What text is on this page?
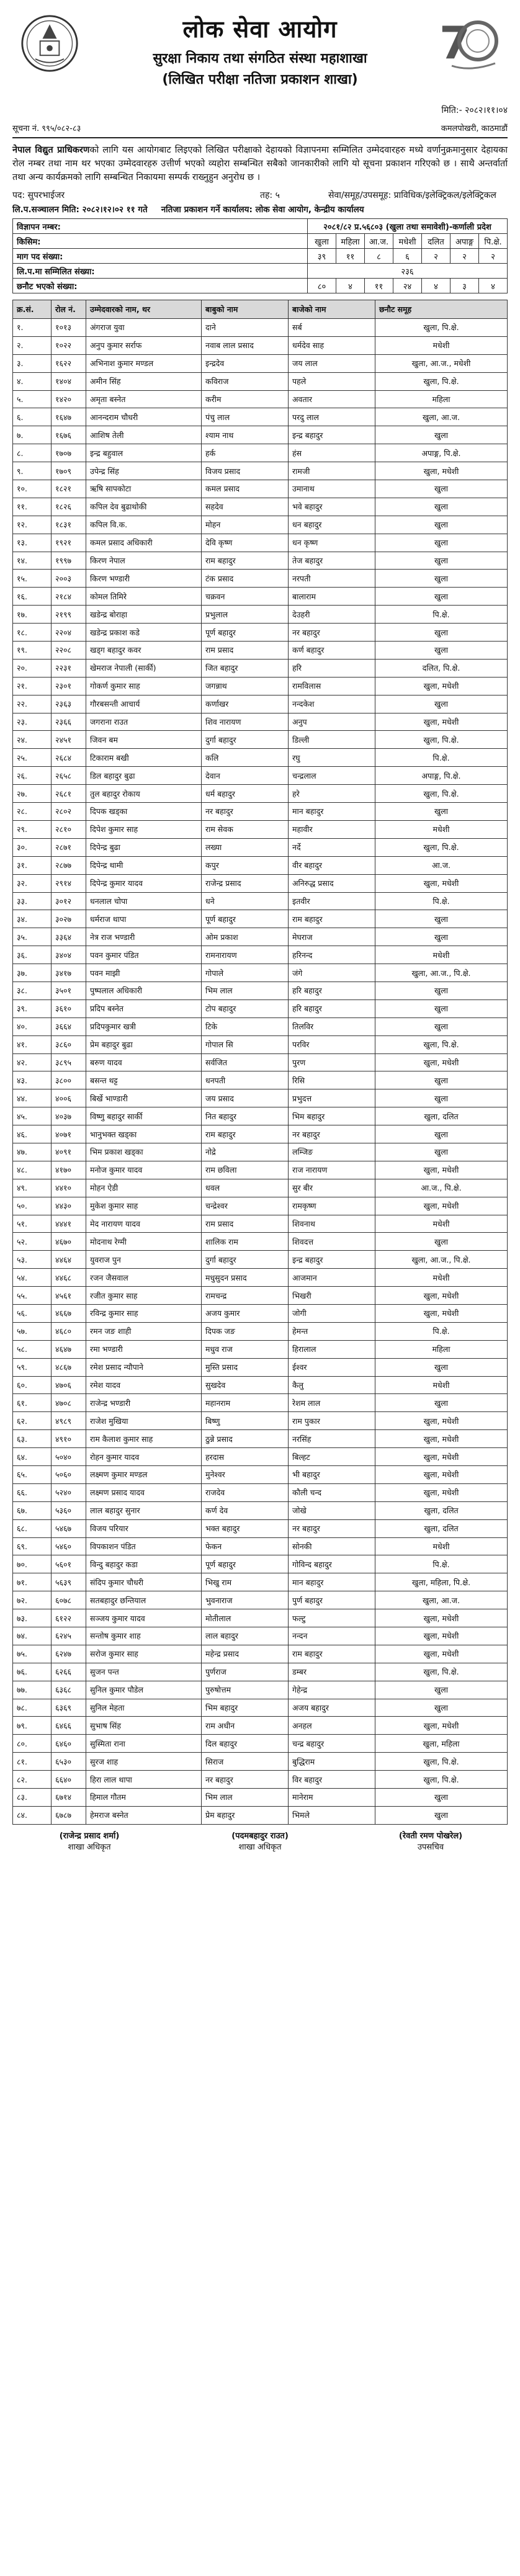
लोक सेवा आयोग
सुरक्षा निकाय तथा संगठित संस्था महाशाखा
(लिखित परीक्षा नतिजा प्रकाशन शाखा)
7
मिति:- २०८२।११।०४
सूचना नं. ९९५/०८२-८३	कमलपोखरी, काठमाडौं

नेपाल विद्युत प्राधिकरणको लागि यस आयोगबाट लिइएको लिखित परीक्षाको देहायको विज्ञापनमा सम्मिलित उम्मेदवारहरु मध्ये वर्णानुक्रमानुसार देहायका रोल नम्बर तथा नाम थर भएका उम्मेदवारहरु उत्तीर्ण भएको व्यहोरा सम्बन्धित सबैको जानकारीको लागि यो सूचना प्रकाशन गरिएको छ । साथै अन्तर्वार्ता तथा अन्य कार्यक्रमको लागि सम्बन्धित निकायमा सम्पर्क राख्नुहुन अनुरोध छ ।

पद: सुपरभाईजर	तह: ५	सेवा/समूह/उपसमूह: प्राविधिक/इलेक्ट्रिकल/इलेक्ट्रिकल
लि.प.सञ्चालन मिति: २०८२।१२।०२ ११ गते नतिजा प्रकाशन गर्ने कार्यालय: लोक सेवा आयोग, केन्द्रीय कार्यालय
विज्ञापन नम्बर:	२०८१/८२ प्र.५६८०३ (खुला तथा समावेशी)-कर्णाली प्रदेश						
किसिम:	खुला	महिला	आ.ज.	मधेशी	दलित	अपाङ्ग	पि.क्षे.
माग पद संख्या:	३९	११	८	६	२	२	२
लि.प.मा सम्मिलित संख्या:	२३६						
छनौट भएको संख्या:	८०	४	११	२४	४	३	४
क्र.सं.	रोल नं.	उम्मेदवारको नाम, थर	बाबुको नाम	बाजेको नाम	छनौट समूह
१.	१०१३	अंगराज युवा	दाने	सर्ब	खुला, पि.क्षे.
२.	१०२२	अनुप कुमार सर्राफ	नवाब लाल प्रसाद	धर्मदेव साह	मधेशी
३.	१६२२	अभिनाश कुमार मण्डल	इन्द्रदेव	जय लाल	खुला, आ.ज., मधेशी
४.	१४०४	अमीन सिंह	कविराज	पहले	खुला, पि.क्षे.
५.	१४२०	अमृता बस्नेत	करीम	अवतार	महिला
६.	१६४७	आनन्दराम चौधरी	पंचु लाल	परदु लाल	खुला, आ.ज.
७.	१६७६	आशिष तेली	श्याम नाथ	इन्द्र बहादुर	खुला
८.	१७०७	इन्द्र बहुवाल	हर्क	हंस	अपाङ्ग, पि.क्षे.
९.	१७०९	उपेन्द्र सिंह	विजय प्रसाद	रामजी	खुला, मधेशी
१०.	१८२१	ऋषि सापकोटा	कमल प्रसाद	उमानाथ	खुला
११.	१८२६	कपिल देव बुढाथोकी	सहदेव	भवे बहादुर	खुला
१२.	१८३१	कपिल वि.क.	मोहन	धन बहादुर	खुला
१३.	१९२१	कमल प्रसाद अधिकारी	देवि कृष्ण	धन कृष्ण	खुला
१४.	१९९७	किरण नेपाल	राम बहादुर	तेज बहादुर	खुला
१५.	२००३	किरण भण्डारी	टंक प्रसाद	नरपती	खुला
१६.	२१८४	कोमल तिमिरे	चक्रवन	बालाराम	खुला
१७.	२१९९	खडेन्द्र बोराहा	प्रभुलाल	देउहरी	पि.क्षे.
१८.	२२०४	खडेन्द्र प्रकाश कडे	पूर्ण बहादुर	नर बहादुर	खुला
१९.	२२०८	खड्ग बहादुर कवर	राम प्रसाद	कर्ण बहादुर	खुला
२०.	२२३१	खेमराज नेपाली (सार्की)	जित बहादुर	हरि	दलित, पि.क्षे.
२१.	२३०१	गोकर्ण कुमार साह	जगन्नाथ	रामविलास	खुला, मधेशी
२२.	२३६३	गौरबसन्ती आचार्य	कर्णाखर	नन्दकेश	खुला
२३.	२३६६	जगराना राउत	शिव नारायण	अनुप	खुला, मधेशी
२४.	२४५१	जिवन बम	दुर्गा बहादुर	डिल्ली	खुला, पि.क्षे.
२५.	२६८४	टिकाराम बखी	कलि	रघु	पि.क्षे.
२६.	२६५८	डिल बहादुर बुढा	देवान	चन्द्रलाल	अपाङ्ग, पि.क्षे.
२७.	२६८१	तुल बहादुर रोकाय	धर्म बहादुर	हरे	खुला, पि.क्षे.
२८.	२८०२	दिपक खड्का	नर बहादुर	मान बहादुर	खुला
२९.	२८१०	दिपेश कुमार साह	राम सेवक	महावीर	मधेशी
३०.	२८७१	दिपेन्द्र बुढा	लख्या	नर्दे	खुला, पि.क्षे.
३१.	२८७७	दिपेन्द्र थामी	कपुर	वीर बहादुर	आ.ज.
३२.	२९१४	दिपेन्द्र कुमार यादव	राजेन्द्र प्रसाद	अनिरुद्ध प्रसाद	खुला, मधेशी
३३.	३०१२	धनलाल चोपा	धने	इतवीर	पि.क्षे.
३४.	३०२७	धर्मराज थापा	पूर्ण बहादुर	राम बहादुर	खुला
३५.	३३६४	नेत्र राज भण्डारी	ओम प्रकाश	मेघराज	खुला
३६.	३४०४	पवन कुमार पंडित	रामनारायण	हरिनन्द	मधेशी
३७.	३४१७	पवन माझी	गोपाले	जंगे	खुला, आ.ज., पि.क्षे.
३८.	३५०१	पुष्पलाल अधिकारी	भिम लाल	हरि बहादुर	खुला
३९.	३६१०	प्रदिप बस्नेत	टोप बहादुर	हरि बहादुर	खुला
४०.	३६६४	प्रदिपकुमार खत्री	टिके	तिलविर	खुला
४१.	३८६०	प्रेम बहादुर बुढा	गोपाल सि	परविर	खुला, पि.क्षे.
४२.	३८९५	बरुण यादव	सर्वजित	पुरण	खुला, मधेशी
४३.	३८००	बसन्त थट्ट	धनपती	रिसि	खुला
४४.	४००६	बिर्खे भाण्डारी	जय प्रसाद	प्रभुदत्त	खुला
४५.	४०३७	विष्णु बहादुर सार्की	नित बहादुर	भिम बहादुर	खुला, दलित
४६.	४०७१	भानुभक्त खड्का	राम बहादुर	नर बहादुर	खुला
४७.	४०९१	भिम प्रकाश खड्का	नोद्रे	लम्जिङ	खुला
४८.	४१७०	मनोज कुमार यादव	राम छविला	राज नारायण	खुला, मधेशी
४९.	४४१०	मोहन ऐडी	धवल	सुर बीर	आ.ज., पि.क्षे.
५०.	४४३०	मुकेश कुमार साह	चन्द्रेश्वर	रामकृष्ण	खुला, मधेशी
५१.	४४४१	मेद नारायण यादव	राम प्रसाद	शिवनाथ	मधेशी
५२.	४६७०	मोदनाथ रेग्मी	शालिक राम	शिवदत्त	खुला
५३.	४४६४	युवराज पुन	दुर्गा बहादुर	इन्द्र बहादुर	खुला, आ.ज., पि.क्षे.
५४.	४४६८	रजन जैसवाल	मधुसुदन प्रसाद	आजमान	मधेशी
५५.	४५६१	रजीत कुमार साह	रामचन्द्र	भिखरी	खुला, मधेशी
५६.	४६६७	रविन्द्र कुमार साह	अजय कुमार	जोगी	खुला, मधेशी
५७.	४६८०	रमन जङ शाही	दिपक जङ	हेमन्त	पि.क्षे.
५८.	४६४७	रमा भण्डारी	मधुव राज	हिरालाल	महिला
५९.	४८६७	रमेश प्रसाद न्यौपाने	मुस्ति प्रसाद	ईश्वर	खुला
६०.	४७०६	रमेश यादव	सुखदेव	कैलु	मधेशी
६१.	४७०८	राजेन्द्र भण्डारी	महानराम	रेशम लाल	खुला
६२.	४९८९	राजेश मुखिया	बिष्णु	राम पुकार	खुला, मधेशी
६३.	४९१०	राम कैलाश कुमार साह	ठुन्ने प्रसाद	नरसिंह	खुला, मधेशी
६४.	५०४०	रोहन कुमार यादव	हरदास	बिल्हट	खुला, मधेशी
६५.	५०६०	लक्ष्मण कुमार मण्डल	मुनेश्वर	भी बहादुर	खुला, मधेशी
६६.	५२४०	लक्ष्मण प्रसाद यादव	राजदेव	कौली चन्द	खुला, मधेशी
६७.	५३६०	लाल बहादुर सुनार	कर्ण देव	जोखे	खुला, दलित
६८.	५४६७	विजय परियार	भक्त बहादुर	नर बहादुर	खुला, दलित
६९.	५४६०	विपकाशन पंडित	फेकन	सोनकी	मधेशी
७०.	५६०१	विन्दु बहादुर कडा	पूर्ण बहादुर	गोविन्द बहादुर	पि.क्षे.
७१.	५६३९	संदिप कुमार चौधरी	भिखु राम	मान बहादुर	खुला, महिला, पि.क्षे.
७२.	६०७८	सतबहादुर छन्तियाल	भुवनाराज	पुर्ण बहादुर	खुला, आ.ज.
७३.	६१२२	सञ्जय कुमार यादव	मोतीलाल	फल्टु	खुला, मधेशी
७४.	६२४५	सन्तोष कुमार शाह	लाल बहादुर	नन्दन	खुला, मधेशी
७५.	६२४७	सरोज कुमार साह	महेन्द्र प्रसाद	राम बहादुर	खुला, मधेशी
७६.	६२६६	सुजन पन्त	पुर्णराज	डम्बर	खुला, पि.क्षे.
७७.	६३६८	सुनिल कुमार पौडेल	पुरुषोत्तम	गेहेन्द्र	खुला
७८.	६३६९	सुनिल मेहता	भिम बहादुर	अजय बहादुर	खुला
७९.	६४६६	सुभाष सिंह	राम अधीन	अनहल	खुला, मधेशी
८०.	६४६०	सुस्मिता राना	दिल बहादुर	चन्द्र बहादुर	खुला, महिला
८१.	६५३०	सुरज शाह	सिराज	बुद्धिराम	खुला, पि.क्षे.
८२.	६६४०	हिरा लाल थापा	नर बहादुर	विर बहादुर	खुला, पि.क्षे.
८३.	६७१४	हिमाल गौतम	भिम लाल	मानेराम	खुला
८४.	६७८७	हेमराज बस्नेत	प्रेम बहादुर	भिमले	खुला
(राजेन्द्र प्रसाद शर्मा)
शाखा अधिकृत
(पदमबहादुर राउत)
शाखा अधिकृत
(रेवती रमण पोखरेल)
उपसचिव
